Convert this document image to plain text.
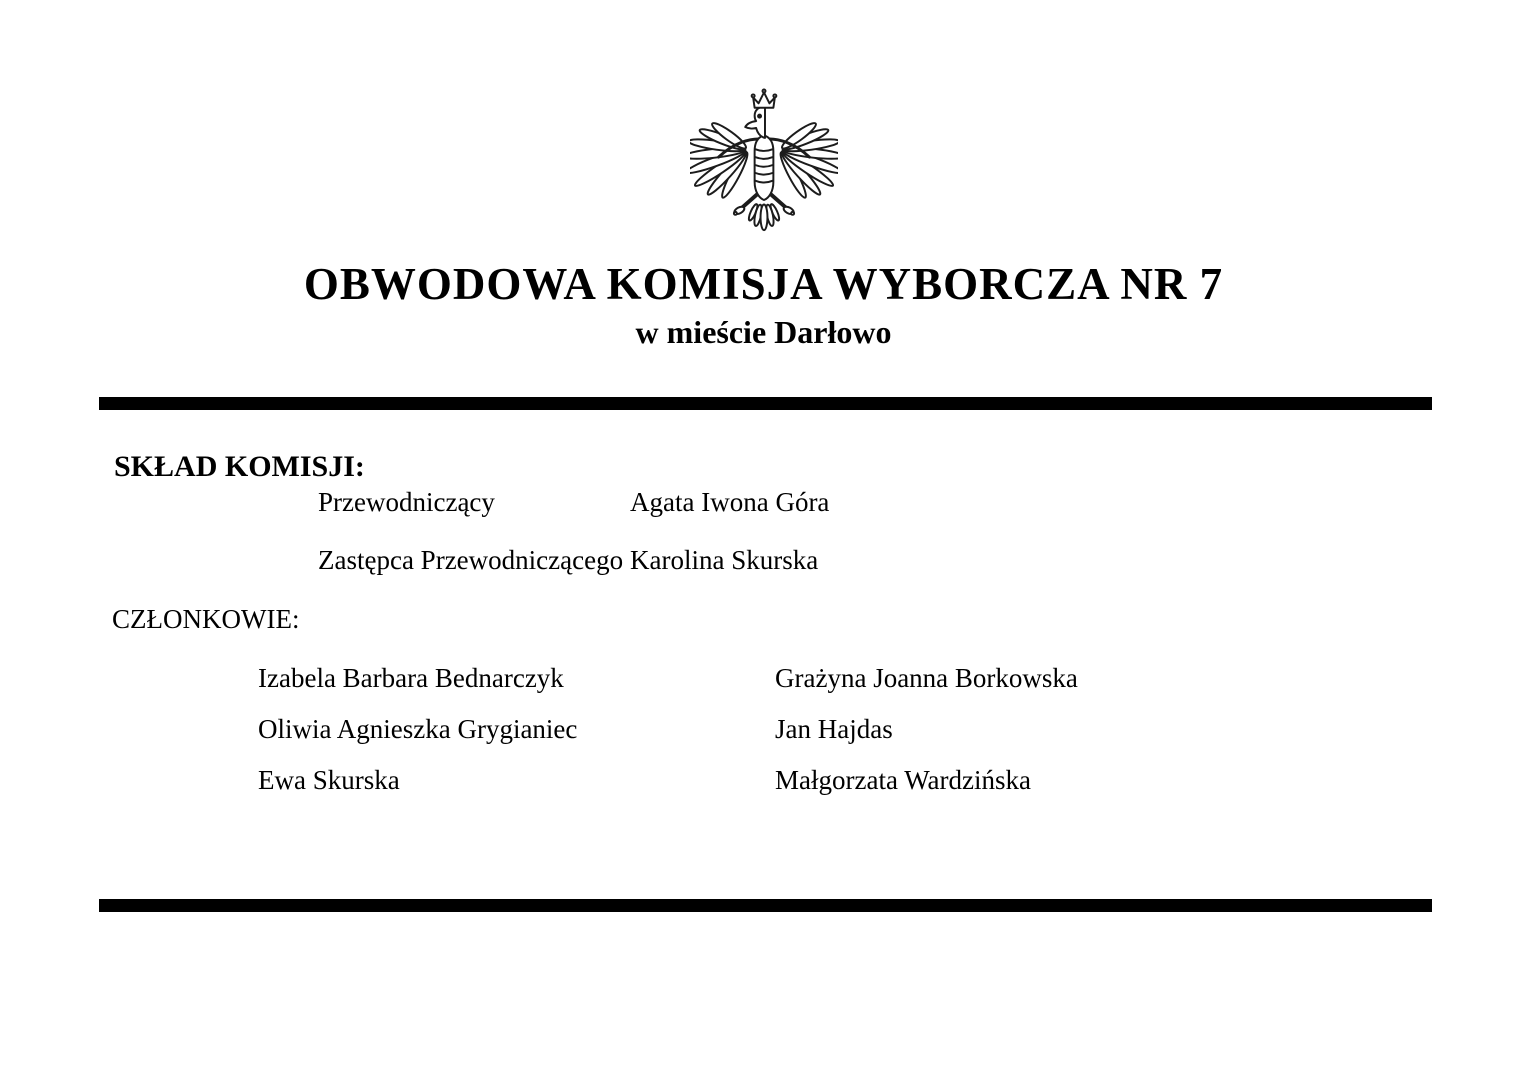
OBWODOWA KOMISJA WYBORCZA NR 7
w mieście Darłowo
SKŁAD KOMISJI:
Przewodniczący	Agata Iwona Góra
Zastępca Przewodniczącego Karolina Skurska
CZŁONKOWIE:
Izabela Barbara Bednarczyk	Grażyna Joanna Borkowska
Oliwia Agnieszka Grygianiec	Jan Hajdas
Ewa Skurska	Małgorzata Wardzińska
